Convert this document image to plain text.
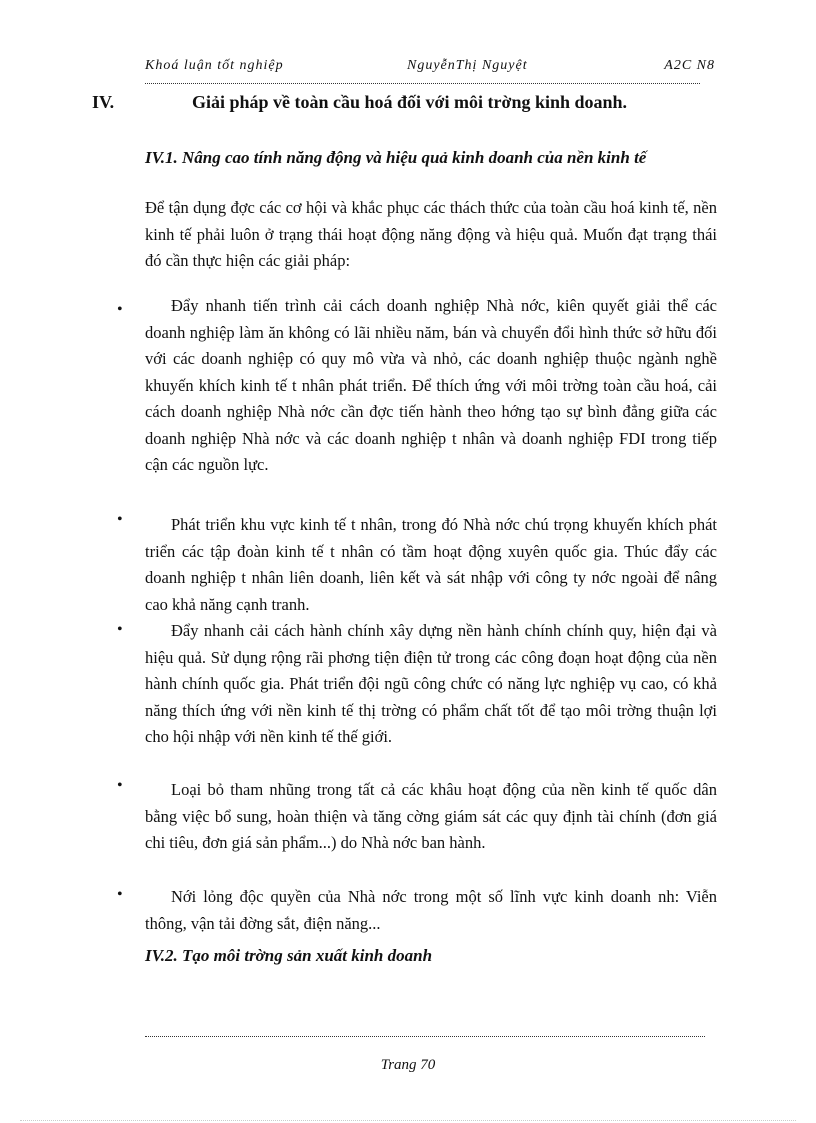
Khoá luận tốt nghiệp	NguyễnThị Nguyệt	A2C N8
IV.	Giải pháp về toàn cầu hoá đối với môi trờng kinh doanh.
IV.1. Nâng cao tính năng động và hiệu quả kinh doanh của nền kinh tế

Để tận dụng đợc các cơ hội và khắc phục các thách thức của toàn cầu hoá kinh tế, nền kinh tế phải luôn ở trạng thái hoạt động năng động và hiệu quả. Muốn đạt trạng thái đó cần thực hiện các giải pháp:

•	Đẩy nhanh tiến trình cải cách doanh nghiệp Nhà nớc, kiên quyết giải thể các doanh nghiệp làm ăn không có lãi nhiều năm, bán và chuyển đổi hình thức sở hữu đối với các doanh nghiệp có quy mô vừa và nhỏ, các doanh nghiệp thuộc ngành nghề khuyến khích kinh tế t nhân phát triển. Để thích ứng với môi trờng toàn cầu hoá, cải cách doanh nghiệp Nhà nớc cần đợc tiến hành theo hớng tạo sự bình đẳng giữa các doanh nghiệp Nhà nớc và các doanh nghiệp t nhân và doanh nghiệp FDI trong tiếp cận các nguồn lực.

•	Phát triển khu vực kinh tế t nhân, trong đó Nhà nớc chú trọng khuyến khích phát triển các tập đoàn kinh tế t nhân có tầm hoạt động xuyên quốc gia. Thúc đẩy các doanh nghiệp t nhân liên doanh, liên kết và sát nhập với công ty nớc ngoài để nâng cao khả năng cạnh tranh.

•	Đẩy nhanh cải cách hành chính xây dựng nền hành chính chính quy, hiện đại và hiệu quả. Sử dụng rộng rãi phơng tiện điện tử trong các công đoạn hoạt động của nền hành chính quốc gia. Phát triển đội ngũ công chức có năng lực nghiệp vụ cao, có khả năng thích ứng với nền kinh tế thị trờng có phẩm chất tốt để tạo môi trờng thuận lợi cho hội nhập với nền kinh tế thế giới.

•	Loại bỏ tham nhũng trong tất cả các khâu hoạt động của nền kinh tế quốc dân bằng việc bổ sung, hoàn thiện và tăng cờng giám sát các quy định tài chính (đơn giá chi tiêu, đơn giá sản phẩm...) do Nhà nớc ban hành.

•	Nới lỏng độc quyền của Nhà nớc trong một số lĩnh vực kinh doanh nh: Viễn thông, vận tải đờng sắt, điện năng...

IV.2. Tạo môi trờng sản xuất kinh doanh
Trang 70
